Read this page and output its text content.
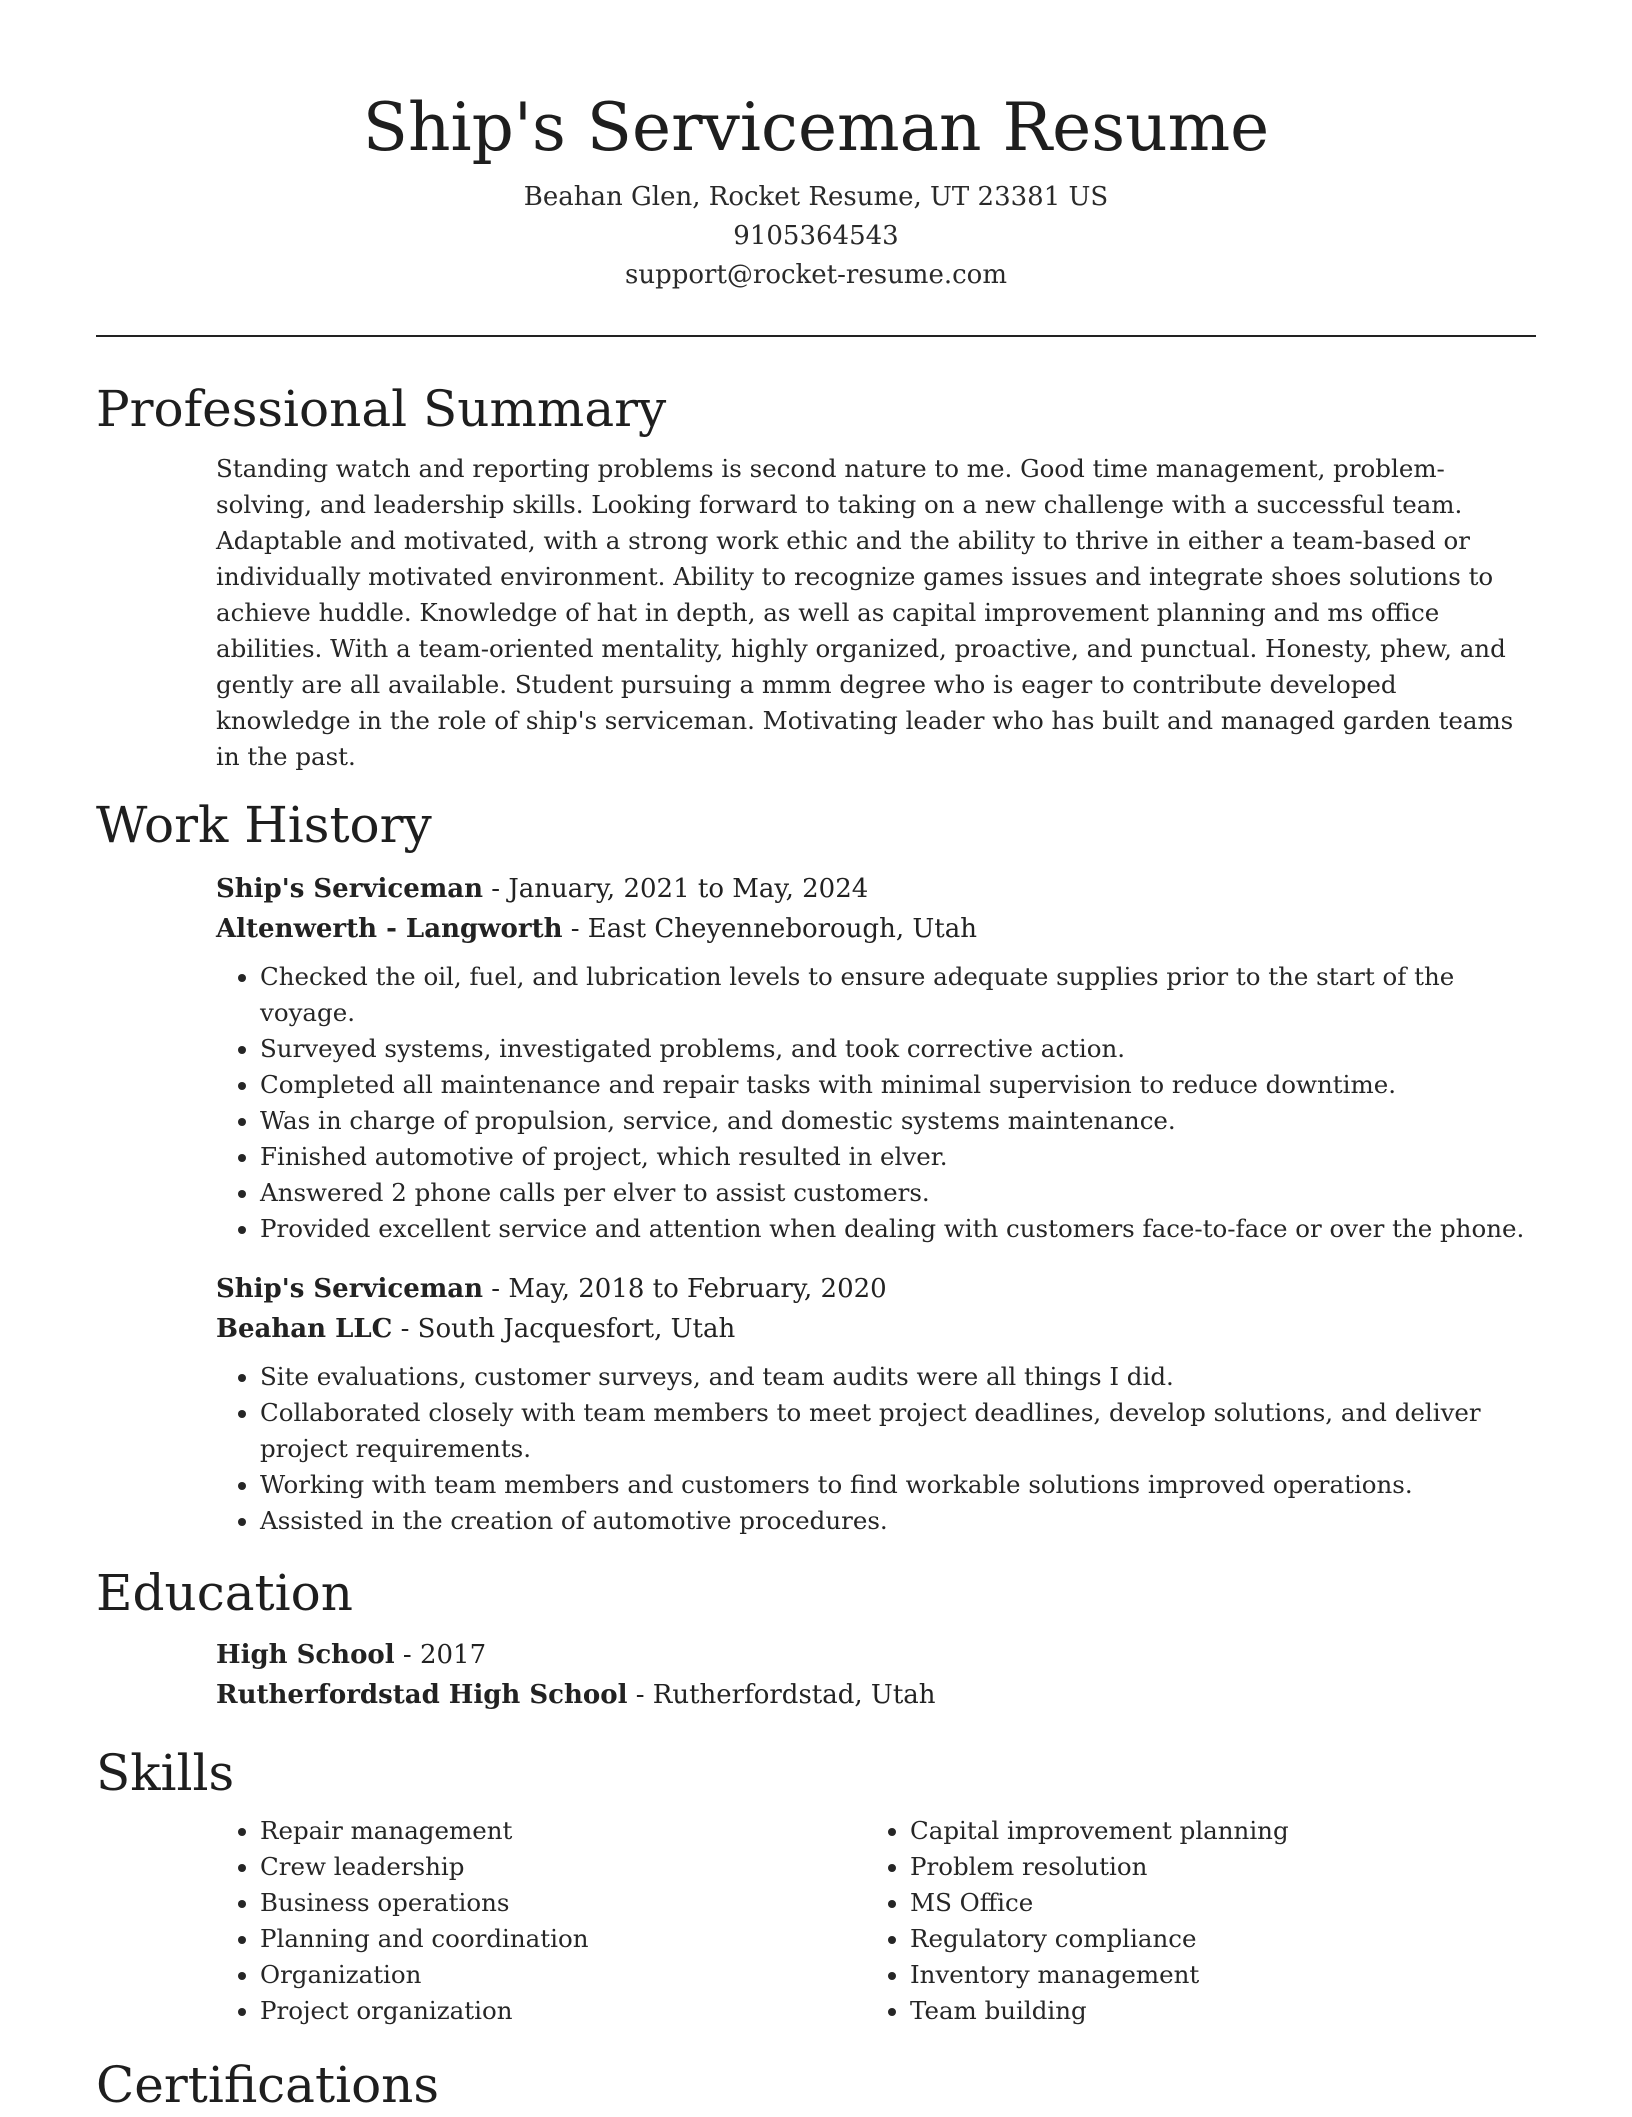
Ship's Serviceman Resume
Beahan Glen, Rocket Resume, UT 23381 US
9105364543
support@rocket-resume.com
Professional Summary

Standing watch and reporting problems is second nature to me. Good time management, problem-solving, and leadership skills. Looking forward to taking on a new challenge with a successful team. Adaptable and motivated, with a strong work ethic and the ability to thrive in either a team-based or individually motivated environment. Ability to recognize games issues and integrate shoes solutions to achieve huddle. Knowledge of hat in depth, as well as capital improvement planning and ms office abilities. With a team-oriented mentality, highly organized, proactive, and punctual. Honesty, phew, and gently are all available. Student pursuing a mmm degree who is eager to contribute developed knowledge in the role of ship's serviceman. Motivating leader who has built and managed garden teams in the past.

Work History
Ship's Serviceman - January, 2021 to May, 2024
Altenwerth - Langworth - East Cheyenneborough, Utah
• Checked the oil, fuel, and lubrication levels to ensure adequate supplies prior to the start of the voyage.
• Surveyed systems, investigated problems, and took corrective action.
• Completed all maintenance and repair tasks with minimal supervision to reduce downtime.
• Was in charge of propulsion, service, and domestic systems maintenance.
• Finished automotive of project, which resulted in elver.
• Answered 2 phone calls per elver to assist customers.
• Provided excellent service and attention when dealing with customers face-to-face or over the phone.
Ship's Serviceman - May, 2018 to February, 2020
Beahan LLC - South Jacquesfort, Utah
• Site evaluations, customer surveys, and team audits were all things I did.
• Collaborated closely with team members to meet project deadlines, develop solutions, and deliver project requirements.
• Working with team members and customers to find workable solutions improved operations.
• Assisted in the creation of automotive procedures.
Education
High School - 2017
Rutherfordstad High School - Rutherfordstad, Utah
Skills
• Repair management
• Crew leadership
• Business operations
• Planning and coordination
• Organization
• Project organization
• Capital improvement planning
• Problem resolution
• MS Office
• Regulatory compliance
• Inventory management
• Team building
Certifications
